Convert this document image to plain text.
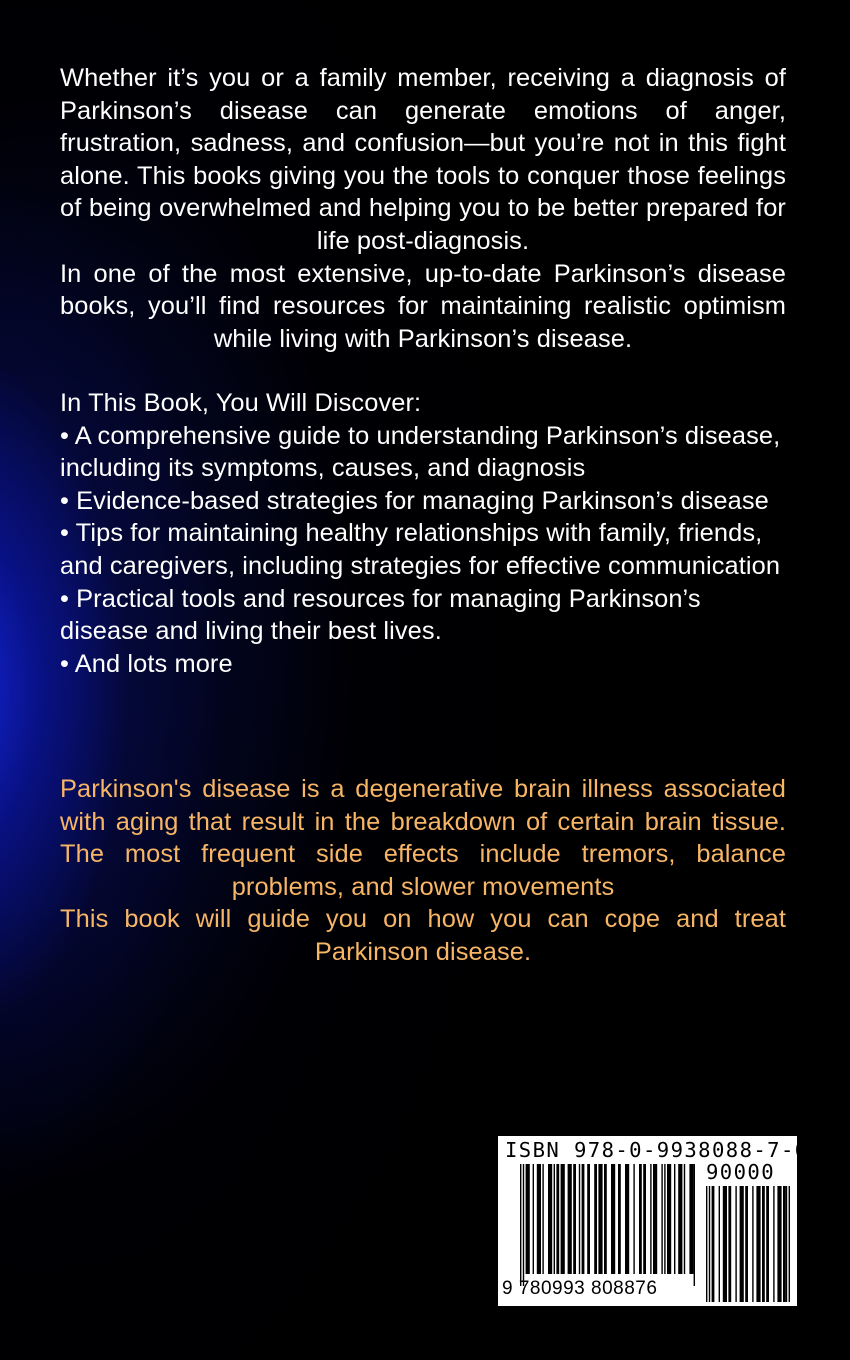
Whether it’s you or a family member, receiving a diagnosis of Parkinson’s disease can generate emotions of anger, frustration, sadness, and confusion—but you’re not in this fight alone. This books giving you the tools to conquer those feelings of being overwhelmed and helping you to be better prepared for life post-diagnosis.

In one of the most extensive, up-to-date Parkinson’s disease books, you’ll find resources for maintaining realistic optimism while living with Parkinson’s disease.

In This Book, You Will Discover:

• A comprehensive guide to understanding Parkinson’s disease, including its symptoms, causes, and diagnosis

• Evidence-based strategies for managing Parkinson’s disease

• Tips for maintaining healthy relationships with family, friends, and caregivers, including strategies for effective communication

• Practical tools and resources for managing Parkinson’s disease and living their best lives.

• And lots more

Parkinson's disease is a degenerative brain illness associated with aging that result in the breakdown of certain brain tissue. The most frequent side effects include tremors, balance problems, and slower movements

This book will guide you on how you can cope and treat Parkinson disease.

ISBN 978-0-9938088-7-6
90000
9 780993 808876
